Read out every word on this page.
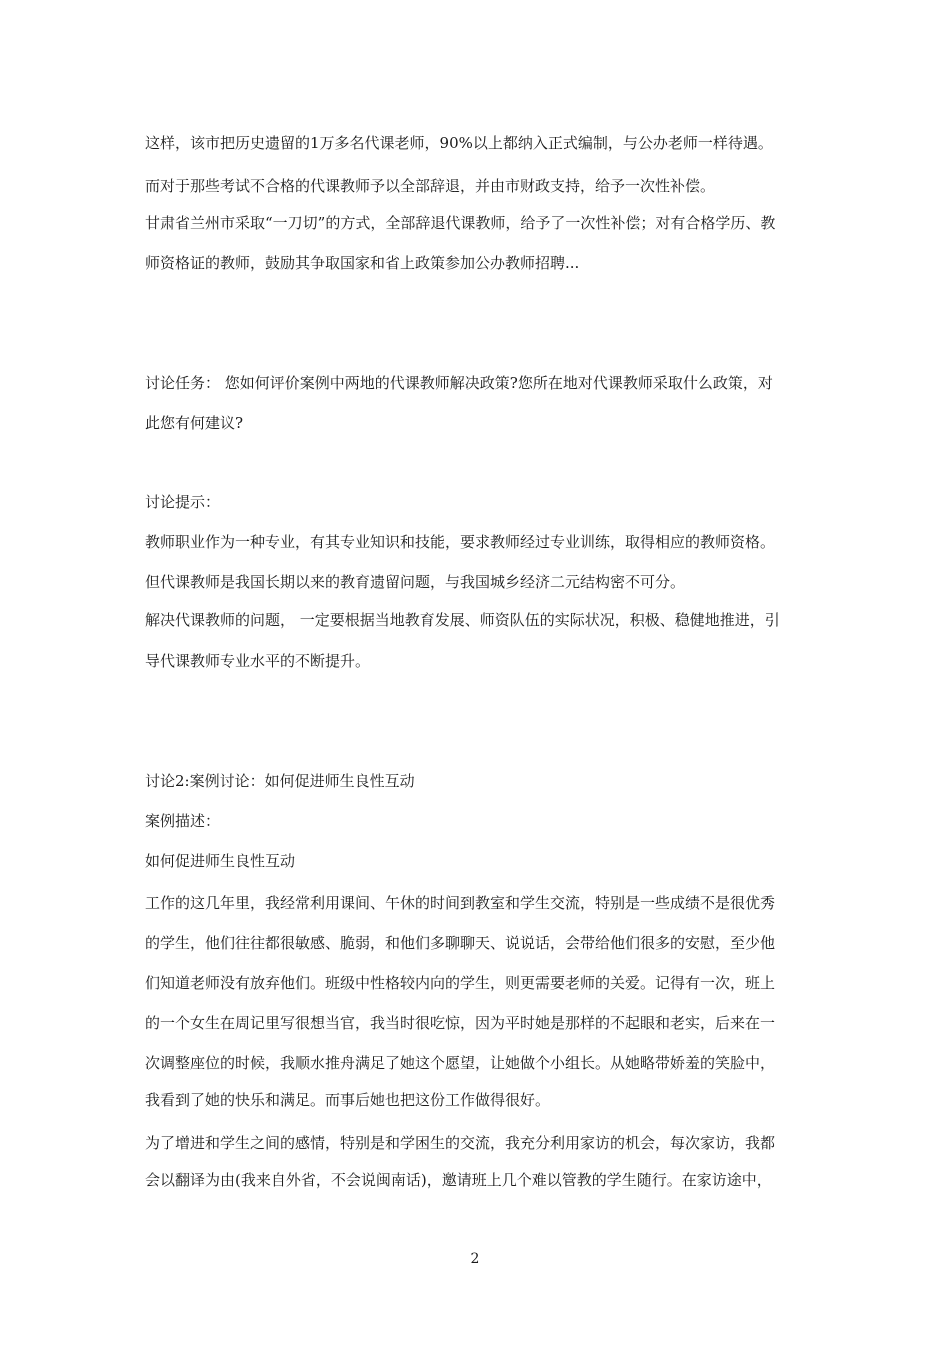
这样，该市把历史遗留的1万多名代课老师，90%以上都纳入正式编制，与公办老师一样待遇。
而对于那些考试不合格的代课教师予以全部辞退，并由市财政支持，给予一次性补偿。
甘肃省兰州市采取“一刀切”的方式，全部辞退代课教师，给予了一次性补偿；对有合格学历、教
师资格证的教师，鼓励其争取国家和省上政策参加公办教师招聘...
讨论任务： 您如何评价案例中两地的代课教师解决政策?您所在地对代课教师采取什么政策，对
此您有何建议?
讨论提示：
教师职业作为一种专业，有其专业知识和技能，要求教师经过专业训练，取得相应的教师资格。
但代课教师是我国长期以来的教育遗留问题，与我国城乡经济二元结构密不可分。
解决代课教师的问题， 一定要根据当地教育发展、师资队伍的实际状况，积极、稳健地推进，引
导代课教师专业水平的不断提升。
讨论2:案例讨论：如何促进师生良性互动
案例描述：
如何促进师生良性互动
工作的这几年里，我经常利用课间、午休的时间到教室和学生交流，特别是一些成绩不是很优秀
的学生，他们往往都很敏感、脆弱，和他们多聊聊天、说说话，会带给他们很多的安慰，至少他
们知道老师没有放弃他们。班级中性格较内向的学生，则更需要老师的关爱。记得有一次，班上
的一个女生在周记里写很想当官，我当时很吃惊，因为平时她是那样的不起眼和老实，后来在一
次调整座位的时候，我顺水推舟满足了她这个愿望，让她做个小组长。从她略带娇羞的笑脸中，
我看到了她的快乐和满足。而事后她也把这份工作做得很好。
为了增进和学生之间的感情，特别是和学困生的交流，我充分利用家访的机会，每次家访，我都
会以翻译为由(我来自外省，不会说闽南话)，邀请班上几个难以管教的学生随行。在家访途中，
2
